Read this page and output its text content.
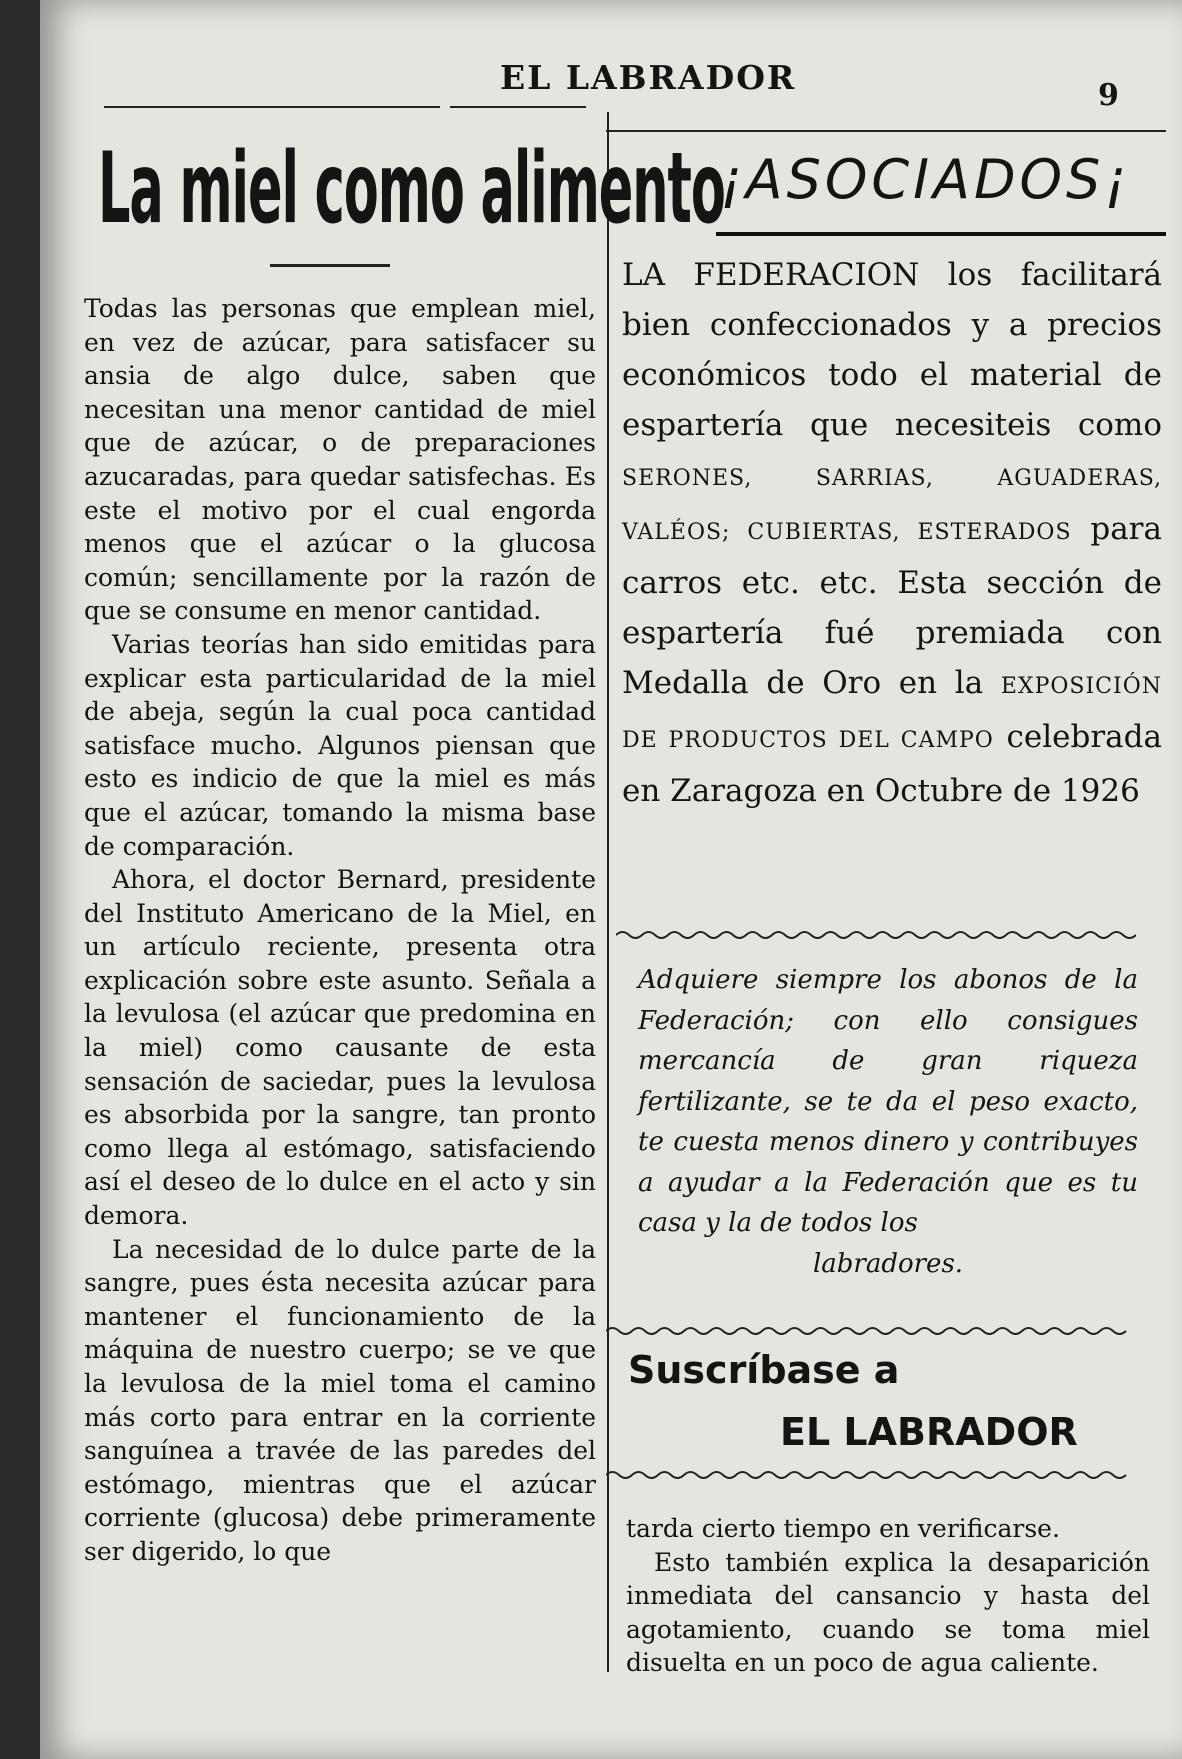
EL LABRADOR	9
La miel como alimento

Todas las personas que emplean miel, en vez de azúcar, para satisfacer su ansia de algo dulce, saben que necesitan una menor cantidad de miel que de azúcar, o de preparaciones azucaradas, para quedar satisfechas. Es este el motivo por el cual engorda menos que el azúcar o la glucosa común; sencillamente por la razón de que se consume en menor cantidad.

Varias teorías han sido emitidas para explicar esta particularidad de la miel de abeja, según la cual poca cantidad satisface mucho. Algunos piensan que esto es indicio de que la miel es más que el azúcar, tomando la misma base de comparación.

Ahora, el doctor Bernard, presidente del Instituto Americano de la Miel, en un artículo reciente, presenta otra explicación sobre este asunto. Señala a la levulosa (el azúcar que predomina en la miel) como causante de esta sensación de saciedar, pues la levulosa es absorbida por la sangre, tan pronto como llega al estómago, satisfaciendo así el deseo de lo dulce en el acto y sin demora.

La necesidad de lo dulce parte de la sangre, pues ésta necesita azúcar para mantener el funcionamiento de la máquina de nuestro cuerpo; se ve que la levulosa de la miel toma el camino más corto para entrar en la corriente sanguínea a travée de las paredes del estómago, mientras que el azúcar corriente (glucosa) debe primeramente ser digerido, lo que

¡ASOCIADOS¡
LA FEDERACION los facilitará bien confeccionados y a precios económicos todo el material de espartería que necesiteis como SERONES, SARRIAS, AGUADERAS, VALÉOS; CUBIERTAS, ESTERADOS para carros etc. etc. Esta sección de espartería fué premiada con Medalla de Oro en la EXPOSICIÓN DE PRODUCTOS DEL CAMPO celebrada en Zaragoza en Octubre de 1926
Adquiere siempre los abonos de la Federación; con ello consigues mercancía de gran riqueza fertilizante, se te da el peso exacto, te cuesta menos dinero y contribuyes a ayudar a la Federación que es tu casa y la de todos los
labradores.
Suscríbase a
EL LABRADOR

tarda cierto tiempo en verificarse.

Esto también explica la desaparición inmediata del cansancio y hasta del agotamiento, cuando se toma miel disuelta en un poco de agua caliente.
